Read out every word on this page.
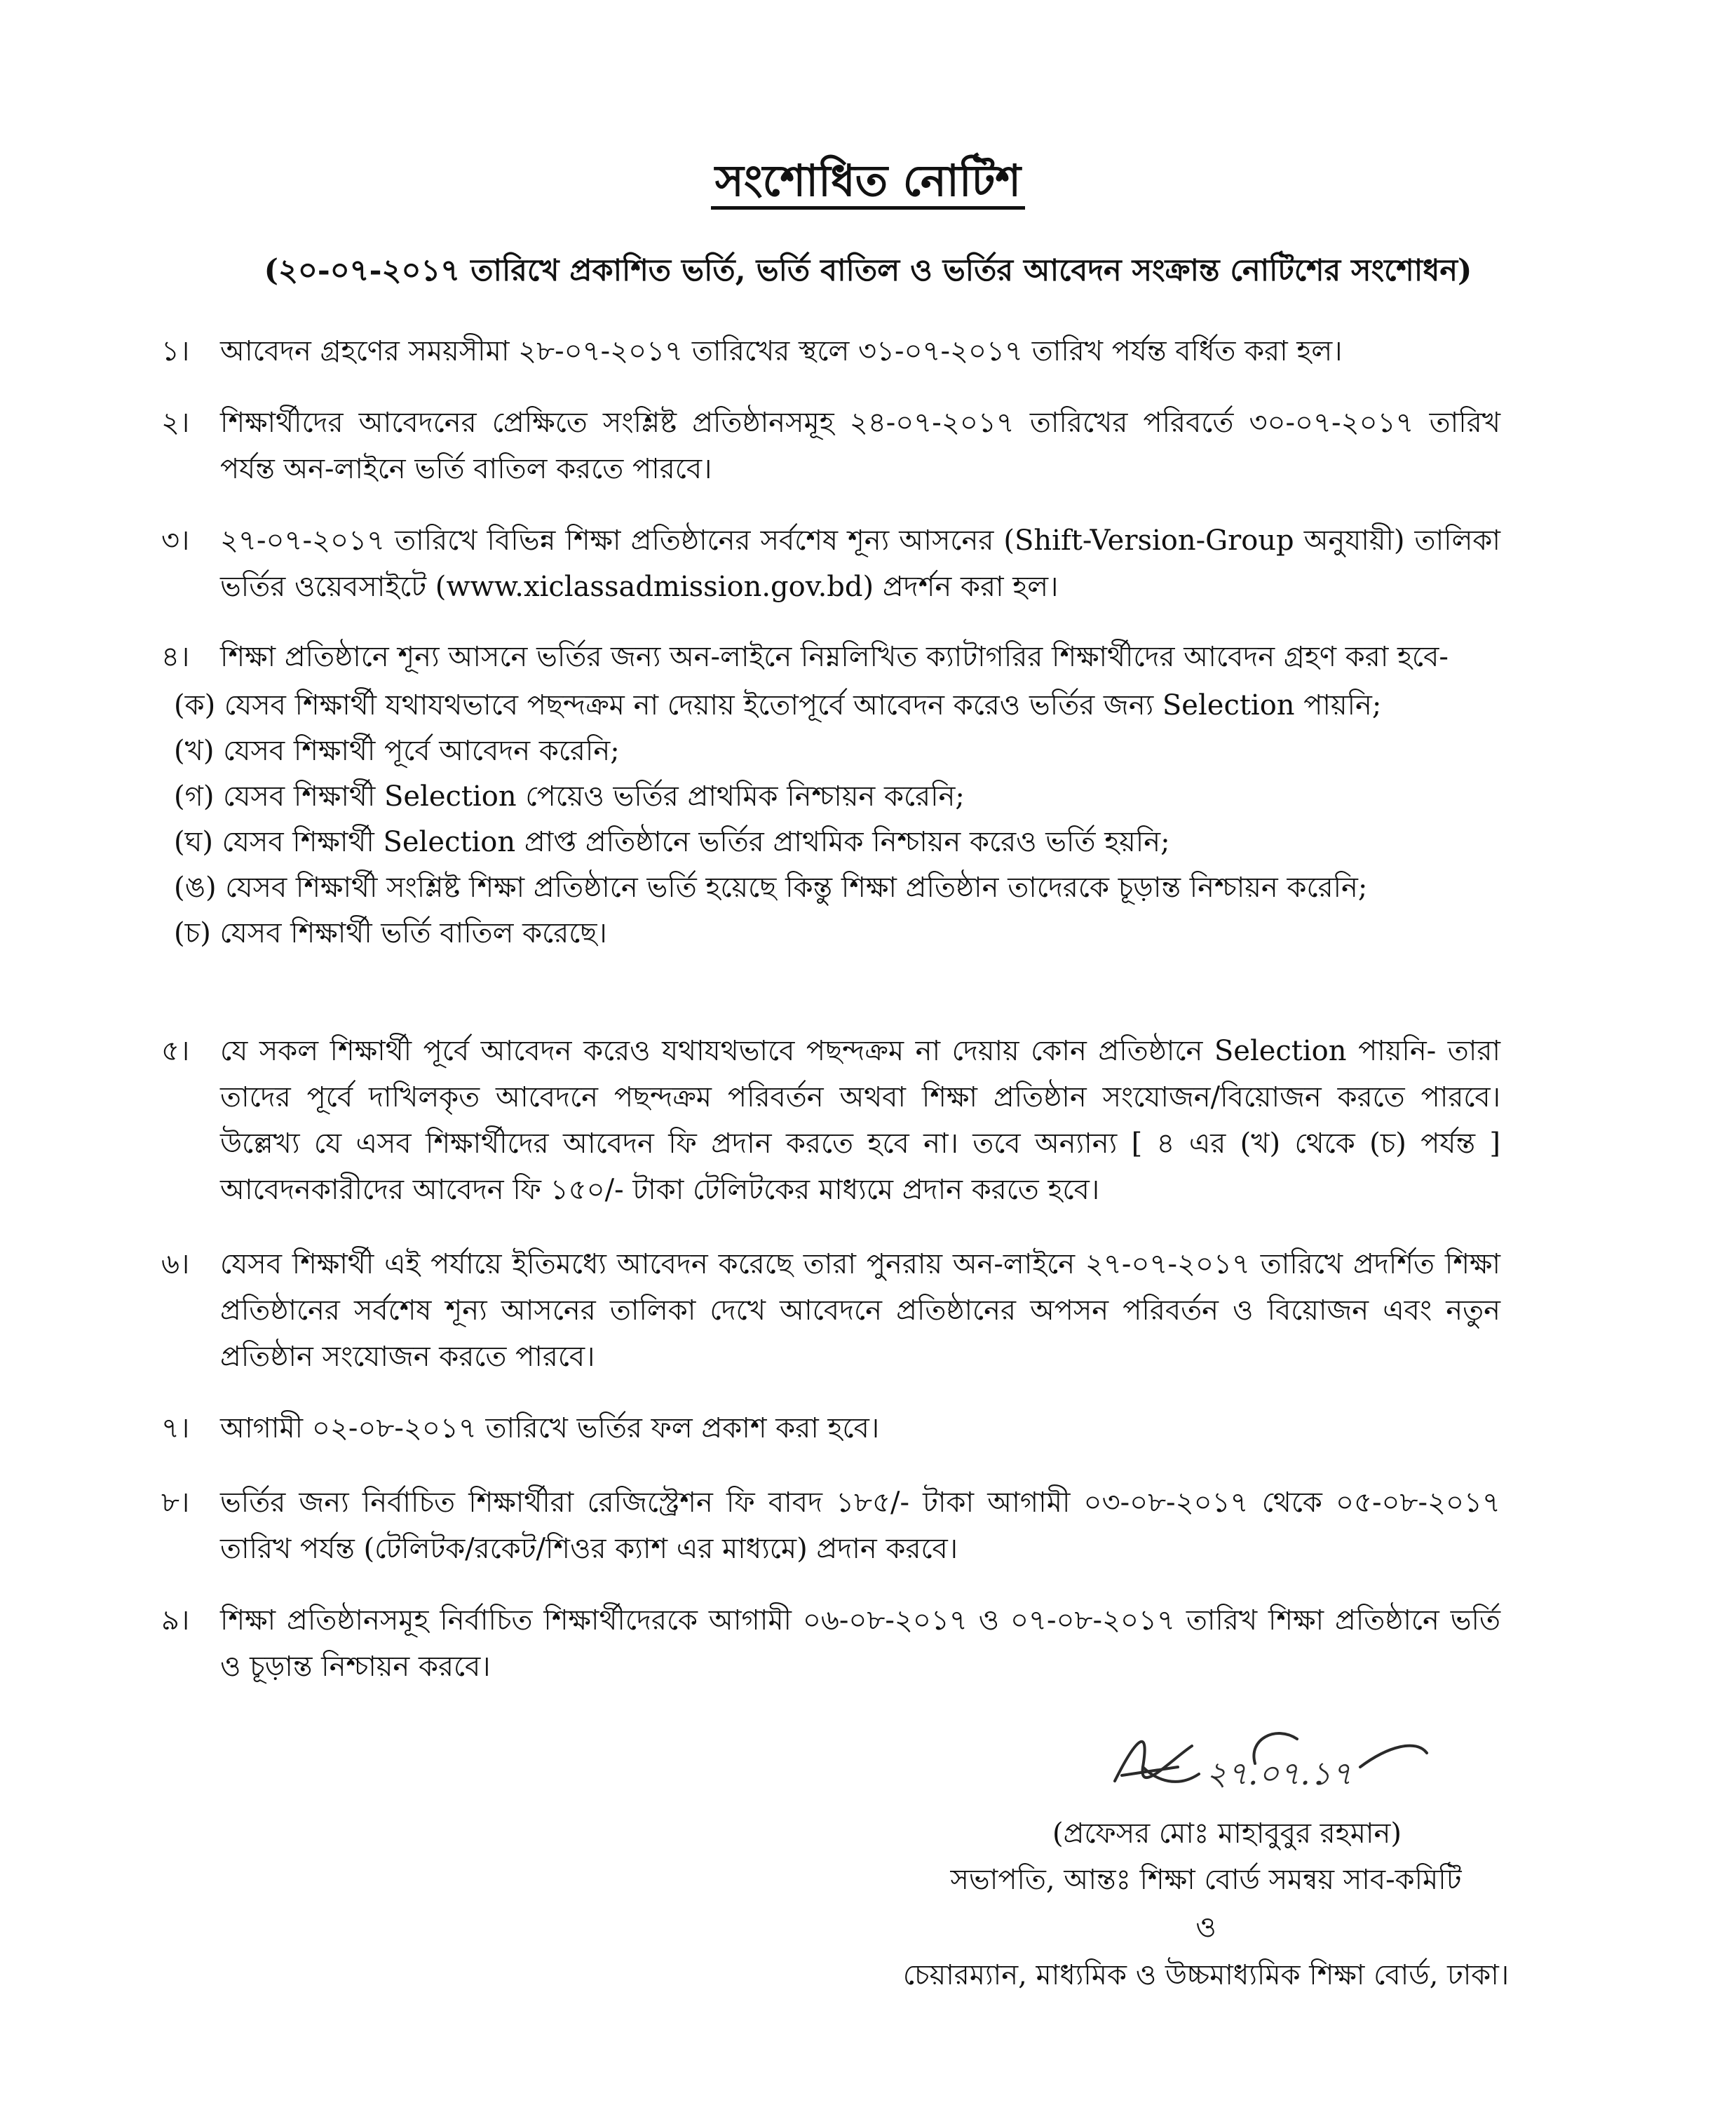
সংশোধিত নোটিশ
(২০-০৭-২০১৭ তারিখে প্রকাশিত ভর্তি, ভর্তি বাতিল ও ভর্তির আবেদন সংক্রান্ত নোটিশের সংশোধন)
১।	আবেদন গ্রহণের সময়সীমা ২৮-০৭-২০১৭ তারিখের স্থলে ৩১-০৭-২০১৭ তারিখ পর্যন্ত বর্ধিত করা হল।
২।	শিক্ষার্থীদের আবেদনের প্রেক্ষিতে সংশ্লিষ্ট প্রতিষ্ঠানসমূহ ২৪-০৭-২০১৭ তারিখের পরিবর্তে ৩০-০৭-২০১৭ তারিখ পর্যন্ত অন-লাইনে ভর্তি বাতিল করতে পারবে।
৩।	২৭-০৭-২০১৭ তারিখে বিভিন্ন শিক্ষা প্রতিষ্ঠানের সর্বশেষ শূন্য আসনের (Shift-Version-Group অনুযায়ী) তালিকা ভর্তির ওয়েবসাইটে (www.xiclassadmission.gov.bd) প্রদর্শন করা হল।
৪।	শিক্ষা প্রতিষ্ঠানে শূন্য আসনে ভর্তির জন্য অন-লাইনে নিম্নলিখিত ক্যাটাগরির শিক্ষার্থীদের আবেদন গ্রহণ করা হবে-
(ক) যেসব শিক্ষার্থী যথাযথভাবে পছন্দক্রম না দেয়ায় ইতোপূর্বে আবেদন করেও ভর্তির জন্য Selection পায়নি;
(খ) যেসব শিক্ষার্থী পূর্বে আবেদন করেনি;
(গ) যেসব শিক্ষার্থী Selection পেয়েও ভর্তির প্রাথমিক নিশ্চায়ন করেনি;
(ঘ) যেসব শিক্ষার্থী Selection প্রাপ্ত প্রতিষ্ঠানে ভর্তির প্রাথমিক নিশ্চায়ন করেও ভর্তি হয়নি;
(ঙ) যেসব শিক্ষার্থী সংশ্লিষ্ট শিক্ষা প্রতিষ্ঠানে ভর্তি হয়েছে কিন্তু শিক্ষা প্রতিষ্ঠান তাদেরকে চূড়ান্ত নিশ্চায়ন করেনি;
(চ) যেসব শিক্ষার্থী ভর্তি বাতিল করেছে।
৫।	যে সকল শিক্ষার্থী পূর্বে আবেদন করেও যথাযথভাবে পছন্দক্রম না দেয়ায় কোন প্রতিষ্ঠানে Selection পায়নি- তারা তাদের পূর্বে দাখিলকৃত আবেদনে পছন্দক্রম পরিবর্তন অথবা শিক্ষা প্রতিষ্ঠান সংযোজন/বিয়োজন করতে পারবে। উল্লেখ্য যে এসব শিক্ষার্থীদের আবেদন ফি প্রদান করতে হবে না। তবে অন্যান্য [ ৪ এর (খ) থেকে (চ) পর্যন্ত ] আবেদনকারীদের আবেদন ফি ১৫০/- টাকা টেলিটকের মাধ্যমে প্রদান করতে হবে।
৬।	যেসব শিক্ষার্থী এই পর্যায়ে ইতিমধ্যে আবেদন করেছে তারা পুনরায় অন-লাইনে ২৭-০৭-২০১৭ তারিখে প্রদর্শিত শিক্ষা প্রতিষ্ঠানের সর্বশেষ শূন্য আসনের তালিকা দেখে আবেদনে প্রতিষ্ঠানের অপসন পরিবর্তন ও বিয়োজন এবং নতুন প্রতিষ্ঠান সংযোজন করতে পারবে।
৭।	আগামী ০২-০৮-২০১৭ তারিখে ভর্তির ফল প্রকাশ করা হবে।
৮।	ভর্তির জন্য নির্বাচিত শিক্ষার্থীরা রেজিস্ট্রেশন ফি বাবদ ১৮৫/- টাকা আগামী ০৩-০৮-২০১৭ থেকে ০৫-০৮-২০১৭ তারিখ পর্যন্ত (টেলিটক/রকেট/শিওর ক্যাশ এর মাধ্যমে) প্রদান করবে।
৯।	শিক্ষা প্রতিষ্ঠানসমূহ নির্বাচিত শিক্ষার্থীদেরকে আগামী ০৬-০৮-২০১৭ ও ০৭-০৮-২০১৭ তারিখ শিক্ষা প্রতিষ্ঠানে ভর্তি ও চূড়ান্ত নিশ্চায়ন করবে।
২৭.০৭.১৭
(প্রফেসর মোঃ মাহাবুবুর রহমান)
সভাপতি, আন্তঃ শিক্ষা বোর্ড সমন্বয় সাব-কমিটি
ও
চেয়ারম্যান, মাধ্যমিক ও উচ্চমাধ্যমিক শিক্ষা বোর্ড, ঢাকা।
